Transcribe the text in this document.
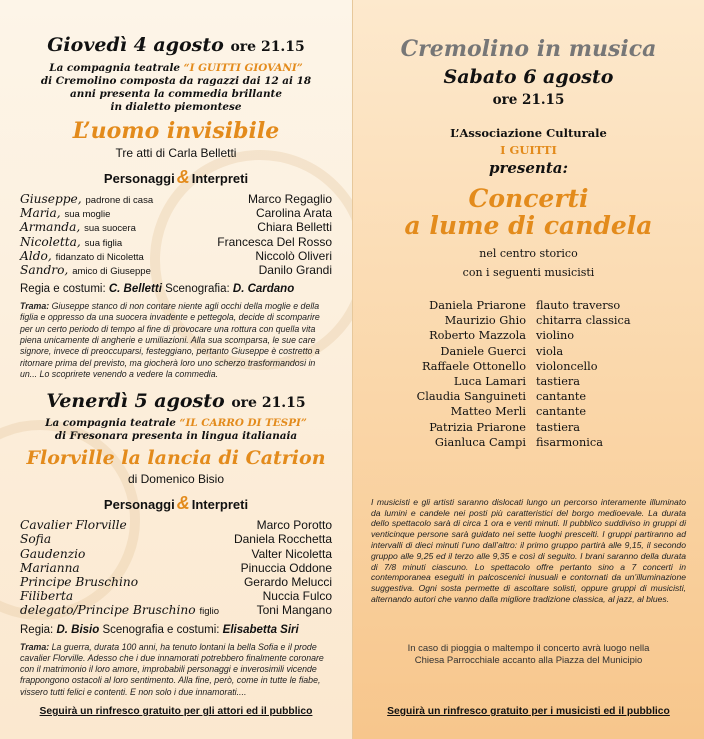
Giovedì 4 agosto ore 21.15
La compagnia teatrale “I GUITTI GIOVANI”
di Cremolino composta da ragazzi dai 12 ai 18
anni presenta la commedia brillante
in dialetto piemontese
L’uomo invisibile
Tre atti di Carla Belletti
Personaggi & Interpreti
Giuseppe, padrone di casa	Marco Regaglio
Maria, sua moglie	Carolina Arata
Armanda, sua suocera	Chiara Belletti
Nicoletta, sua figlia	Francesca Del Rosso
Aldo, fidanzato di Nicoletta	Niccolò Oliveri
Sandro, amico di Giuseppe	Danilo Grandi
Regia e costumi: C. Belletti Scenografia: D. Cardano
Trama: Giuseppe stanco di non contare niente agli occhi della moglie e della figlia e oppresso da una suocera invadente e pettegola, decide di scomparire per un certo periodo di tempo al fine di provocare una rottura con quella vita piena unicamente di angherie e umiliazioni. Alla sua scomparsa, le sue care signore, invece di preoccuparsi, festeggiano, pertanto Giuseppe è costretto a ritornare prima del previsto, ma giocherà loro uno scherzo trasformandosi in un... Lo scoprirete venendo a vedere la commedia.
Venerdì 5 agosto ore 21.15
La compagnia teatrale “IL CARRO DI TESPI”
di Fresonara presenta in lingua italianaia
Florville la lancia di Catrion
di Domenico Bisio
Personaggi & Interpreti
Cavalier Florville	Marco Porotto
Sofia	Daniela Rocchetta
Gaudenzio	Valter Nicoletta
Marianna	Pinuccia Oddone
Principe Bruschino	Gerardo Melucci
Filiberta	Nuccia Fulco
delegato/Principe Bruschino figlio	Toni Mangano
Regia: D. Bisio Scenografia e costumi: Elisabetta Siri
Trama: La guerra, durata 100 anni, ha tenuto lontani la bella Sofia e il prode cavalier Florville. Adesso che i due innamorati potrebbero finalmente coronare con il matrimonio il loro amore, improbabili personaggi e inverosimili vicende frappongono ostacoli al loro sentimento. Alla fine, però, come in tutte le fiabe, vissero tutti felici e contenti. E non solo i due innamorati....
Seguirà un rinfresco gratuito per gli attori ed il pubblico
Cremolino in musica
Sabato 6 agosto
ore 21.15
L’Associazione Culturale
I GUITTI
presenta:
Concerti
a lume di candela
nel centro storico
con i seguenti musicisti
Daniela Priarone flauto traverso
Maurizio Ghio chitarra classica
Roberto Mazzola violino
Daniele Guerci viola
Raffaele Ottonello violoncello
Luca Lamari tastiera
Claudia Sanguineti cantante
Matteo Merli cantante
Patrizia Priarone tastiera
Gianluca Campi fisarmonica
I musicisti e gli artisti saranno dislocati lungo un percorso interamente illuminato da lumini e candele nei posti più caratteristici del borgo medioevale. La durata dello spettacolo sarà di circa 1 ora e venti minuti. Il pubblico suddiviso in gruppi di venticinque persone sarà guidato nei sette luoghi prescelti. I gruppi partiranno ad intervalli di dieci minuti l’uno dall’altro: il primo gruppo partirà alle 9,15, il secondo gruppo alle 9,25 ed il terzo alle 9,35 e così di seguito. I brani saranno della durata di 7/8 minuti ciascuno. Lo spettacolo offre pertanto sino a 7 concerti in contemporanea eseguiti in palcoscenici inusuali e contornati da un’illuminazione suggestiva. Ogni sosta permette di ascoltare solisti, oppure gruppi di musicisti, alternando autori che vanno dalla migliore tradizione classica, al jazz, al blues.
In caso di pioggia o maltempo il concerto avrà luogo nella
Chiesa Parrocchiale accanto alla Piazza del Municipio
Seguirà un rinfresco gratuito per i musicisti ed il pubblico
